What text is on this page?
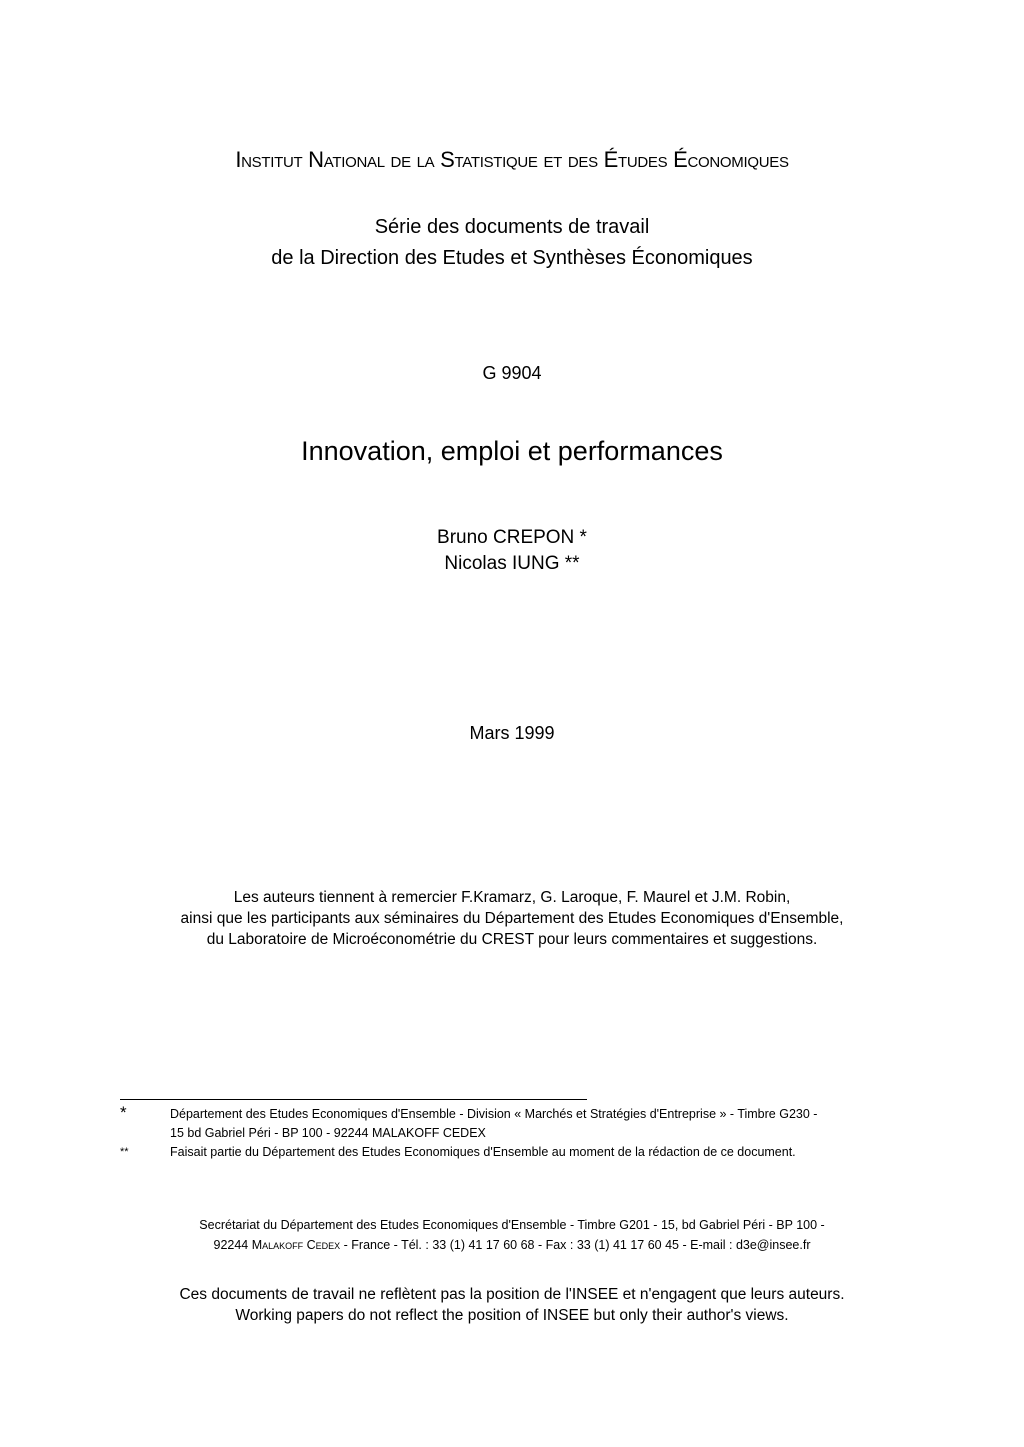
Institut National de la Statistique et des Études Économiques
Série des documents de travail
de la Direction des Etudes et Synthèses Économiques
G 9904
Innovation, emploi et performances
Bruno CREPON *
Nicolas IUNG **
Mars 1999
Les auteurs tiennent à remercier F.Kramarz, G. Laroque, F. Maurel et J.M. Robin,
ainsi que les participants aux séminaires du Département des Etudes Economiques d'Ensemble,
du Laboratoire de Microéconométrie du CREST pour leurs commentaires et suggestions.
*	Département des Etudes Economiques d'Ensemble - Division « Marchés et Stratégies d'Entreprise » - Timbre G230 -
15 bd Gabriel Péri - BP 100 - 92244 MALAKOFF CEDEX
**	Faisait partie du Département des Etudes Economiques d'Ensemble au moment de la rédaction de ce document.
Secrétariat du Département des Etudes Economiques d'Ensemble - Timbre G201 - 15, bd Gabriel Péri - BP 100 -
92244 Malakoff Cedex - France - Tél. : 33 (1) 41 17 60 68 - Fax : 33 (1) 41 17 60 45 - E-mail : d3e@insee.fr
Ces documents de travail ne reflètent pas la position de l'INSEE et n'engagent que leurs auteurs.
Working papers do not reflect the position of INSEE but only their author's views.
